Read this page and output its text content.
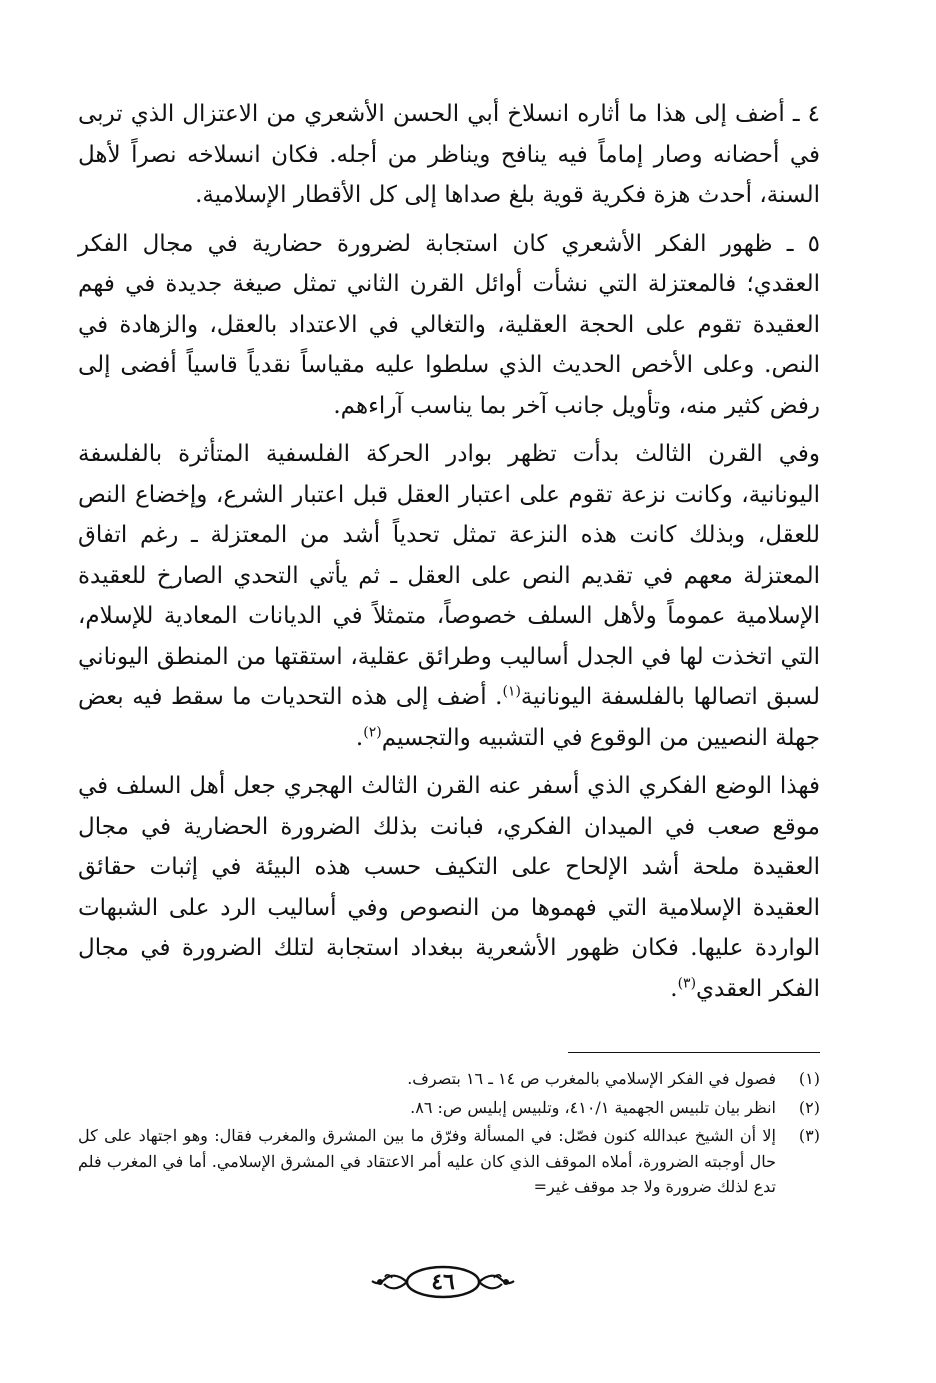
٤ ـ أضف إلى هذا ما أثاره انسلاخ أبي الحسن الأشعري من الاعتزال الذي تربى في أحضانه وصار إماماً فيه ينافح ويناظر من أجله. فكان انسلاخه نصراً لأهل السنة، أحدث هزة فكرية قوية بلغ صداها إلى كل الأقطار الإسلامية.

٥ ـ ظهور الفكر الأشعري كان استجابة لضرورة حضارية في مجال الفكر العقدي؛ فالمعتزلة التي نشأت أوائل القرن الثاني تمثل صيغة جديدة في فهم العقيدة تقوم على الحجة العقلية، والتغالي في الاعتداد بالعقل، والزهادة في النص. وعلى الأخص الحديث الذي سلطوا عليه مقياساً نقدياً قاسياً أفضى إلى رفض كثير منه، وتأويل جانب آخر بما يناسب آراءهم.

وفي القرن الثالث بدأت تظهر بوادر الحركة الفلسفية المتأثرة بالفلسفة اليونانية، وكانت نزعة تقوم على اعتبار العقل قبل اعتبار الشرع، وإخضاع النص للعقل، وبذلك كانت هذه النزعة تمثل تحدياً أشد من المعتزلة ـ رغم اتفاق المعتزلة معهم في تقديم النص على العقل ـ ثم يأتي التحدي الصارخ للعقيدة الإسلامية عموماً ولأهل السلف خصوصاً، متمثلاً في الديانات المعادية للإسلام، التي اتخذت لها في الجدل أساليب وطرائق عقلية، استقتها من المنطق اليوناني لسبق اتصالها بالفلسفة اليونانية$^{(١)}$. أضف إلى هذه التحديات ما سقط فيه بعض جهلة النصيين من الوقوع في التشبيه والتجسيم$^{(٢)}$.

فهذا الوضع الفكري الذي أسفر عنه القرن الثالث الهجري جعل أهل السلف في موقع صعب في الميدان الفكري، فبانت بذلك الضرورة الحضارية في مجال العقيدة ملحة أشد الإلحاح على التكيف حسب هذه البيئة في إثبات حقائق العقيدة الإسلامية التي فهموها من النصوص وفي أساليب الرد على الشبهات الواردة عليها. فكان ظهور الأشعرية ببغداد استجابة لتلك الضرورة في مجال الفكر العقدي$^{(٣)}$.

(١)
فصول في الفكر الإسلامي بالمغرب ص ١٤ ـ ١٦ بتصرف.
(٢)
انظر بيان تلبيس الجهمية ٤١٠/١، وتلبيس إبليس ص: ٨٦.
(٣)
إلا أن الشيخ عبدالله كنون فصّل: في المسألة وفرّق ما بين المشرق والمغرب فقال: وهو اجتهاد على كل حال أوجبته الضرورة، أملاه الموقف الذي كان عليه أمر الاعتقاد في المشرق الإسلامي. أما في المغرب فلم تدع لذلك ضرورة ولا جد موقف غير=
٤٦
